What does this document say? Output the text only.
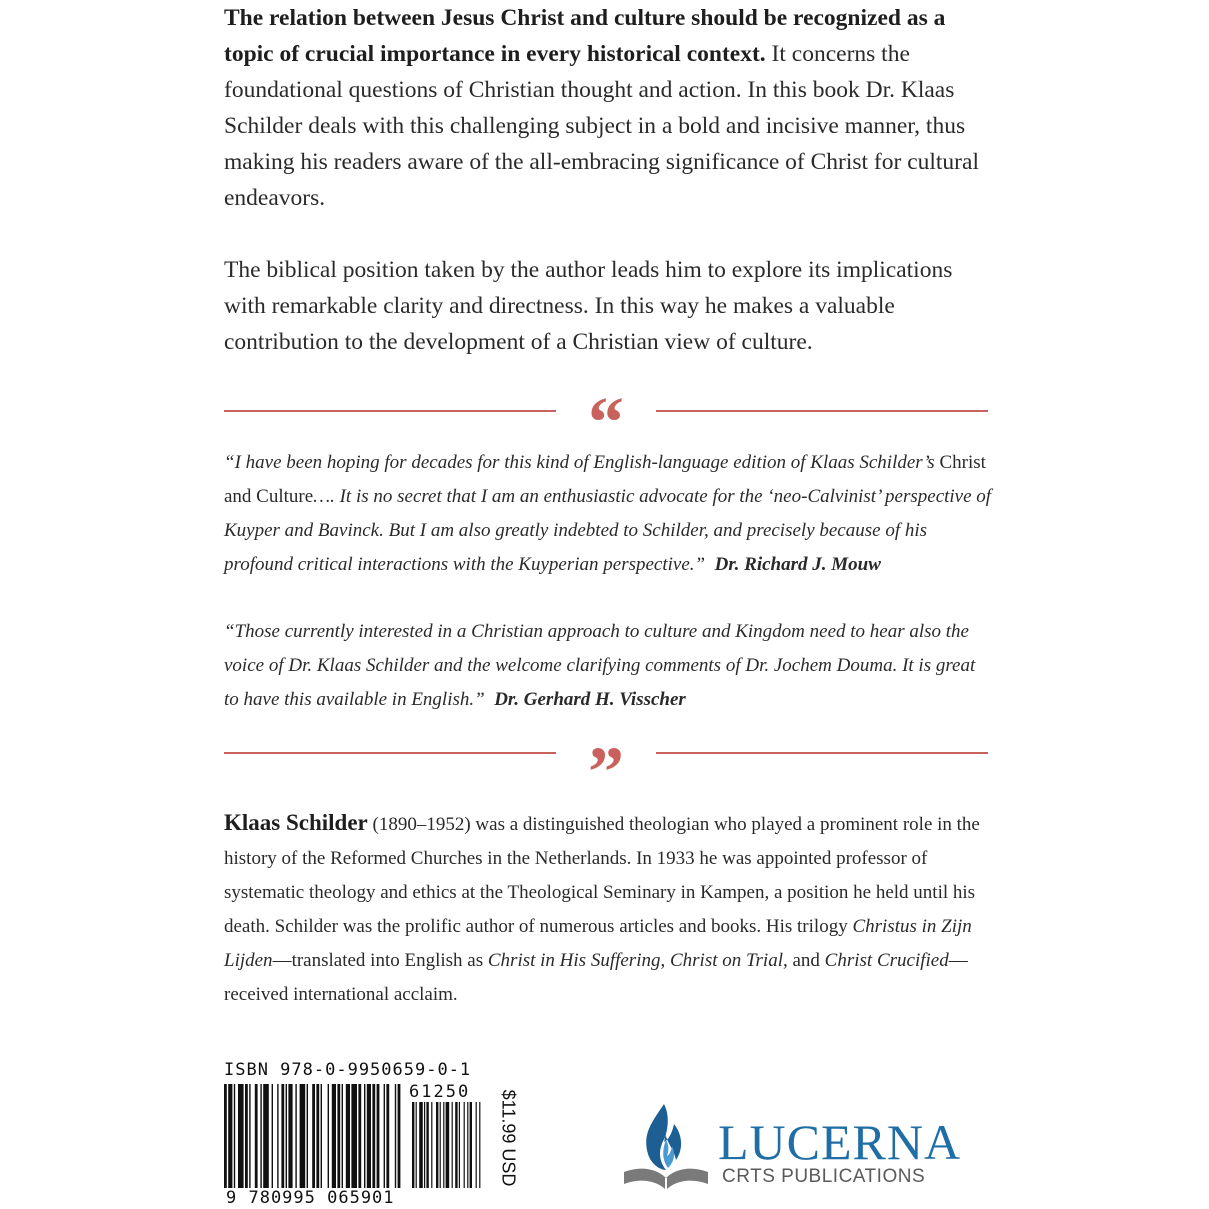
The relation between Jesus Christ and culture should be recognized as a topic of crucial importance in every historical context. It concerns the foundational questions of Christian thought and action. In this book Dr. Klaas Schilder deals with this challenging subject in a bold and incisive manner, thus making his readers aware of the all-embracing significance of Christ for cultural endeavors.

The biblical position taken by the author leads him to explore its implications with remarkable clarity and directness. In this way he makes a valuable contribution to the development of a Christian view of culture.

“

“I have been hoping for decades for this kind of English-language edition of Klaas Schilder’s Christ and Culture…. It is no secret that I am an enthusiastic advocate for the ‘neo-Calvinist’ perspective of Kuyper and Bavinck. But I am also greatly indebted to Schilder, and precisely because of his profound critical interactions with the Kuyperian perspective.” Dr. Richard J. Mouw

“Those currently interested in a Christian approach to culture and Kingdom need to hear also the voice of Dr. Klaas Schilder and the welcome clarifying comments of Dr. Jochem Douma. It is great to have this available in English.” Dr. Gerhard H. Visscher

”

Klaas Schilder (1890–1952) was a distinguished theologian who played a prominent role in the history of the Reformed Churches in the Netherlands. In 1933 he was appointed professor of systematic theology and ethics at the Theological Seminary in Kampen, a position he held until his death. Schilder was the prolific author of numerous articles and books. His trilogy Christus in Zijn Lijden—translated into English as Christ in His Suffering, Christ on Trial, and Christ Crucified—received international acclaim.

ISBN 978-0-9950659-0-1
61250
9 780995 065901
$11.99 USD	LUCERNA
CRTS PUBLICATIONS
